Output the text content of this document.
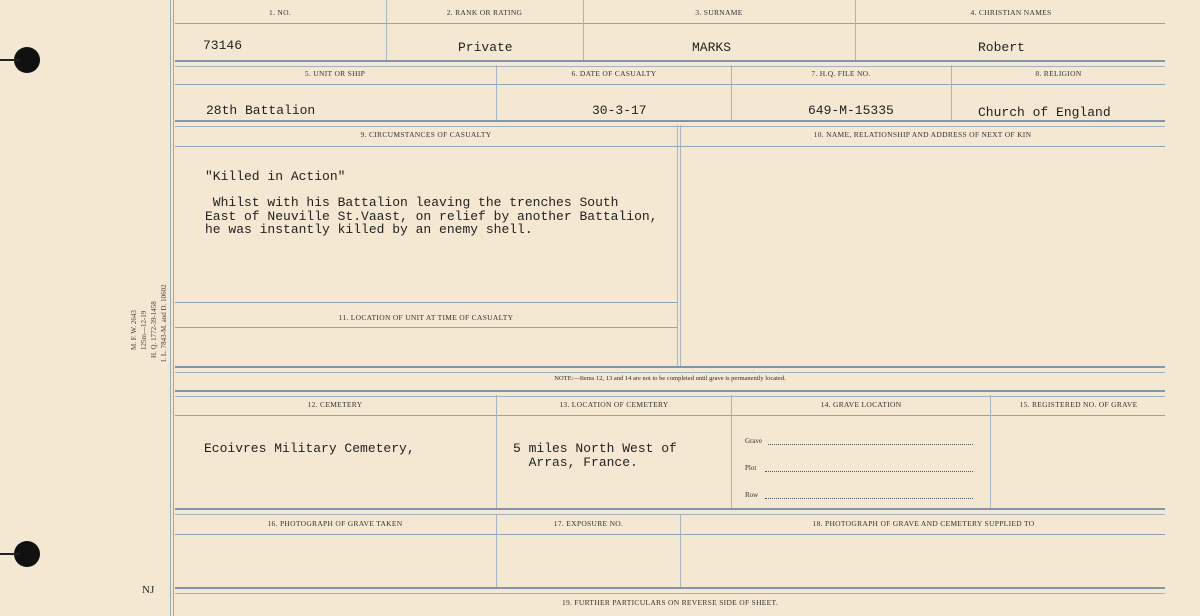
M. F. W. 2643 125m—12-19 H. Q. 1772-39-1458 I. L. 7843-M. and D. 10602
NJ
1. NO.	2. RANK OR RATING	3. SURNAME	4. CHRISTIAN NAMES
73146	Private	MARKS	Robert
5. UNIT OR SHIP	6. DATE OF CASUALTY	7. H.Q. FILE NO.	8. RELIGION
28th Battalion	30-3-17	649-M-15335	Church of England
9. CIRCUMSTANCES OF CASUALTY	10. NAME, RELATIONSHIP AND ADDRESS OF NEXT OF KIN
"Killed in Action"
Whilst with his Battalion leaving the trenches South
East of Neuville St.Vaast, on relief by another Battalion,
he was instantly killed by an enemy shell.
11. LOCATION OF UNIT AT TIME OF CASUALTY
NOTE:—Items 12, 13 and 14 are not to be completed until grave is permanently located.
12. CEMETERY	13. LOCATION OF CEMETERY	14. GRAVE LOCATION	15. REGISTERED NO. OF GRAVE
Ecoivres Military Cemetery,	5 miles North West of
Arras, France.
Grave
Plot
Row
16. PHOTOGRAPH OF GRAVE TAKEN	17. EXPOSURE NO.	18. PHOTOGRAPH OF GRAVE AND CEMETERY SUPPLIED TO
19. FURTHER PARTICULARS ON REVERSE SIDE OF SHEET.
